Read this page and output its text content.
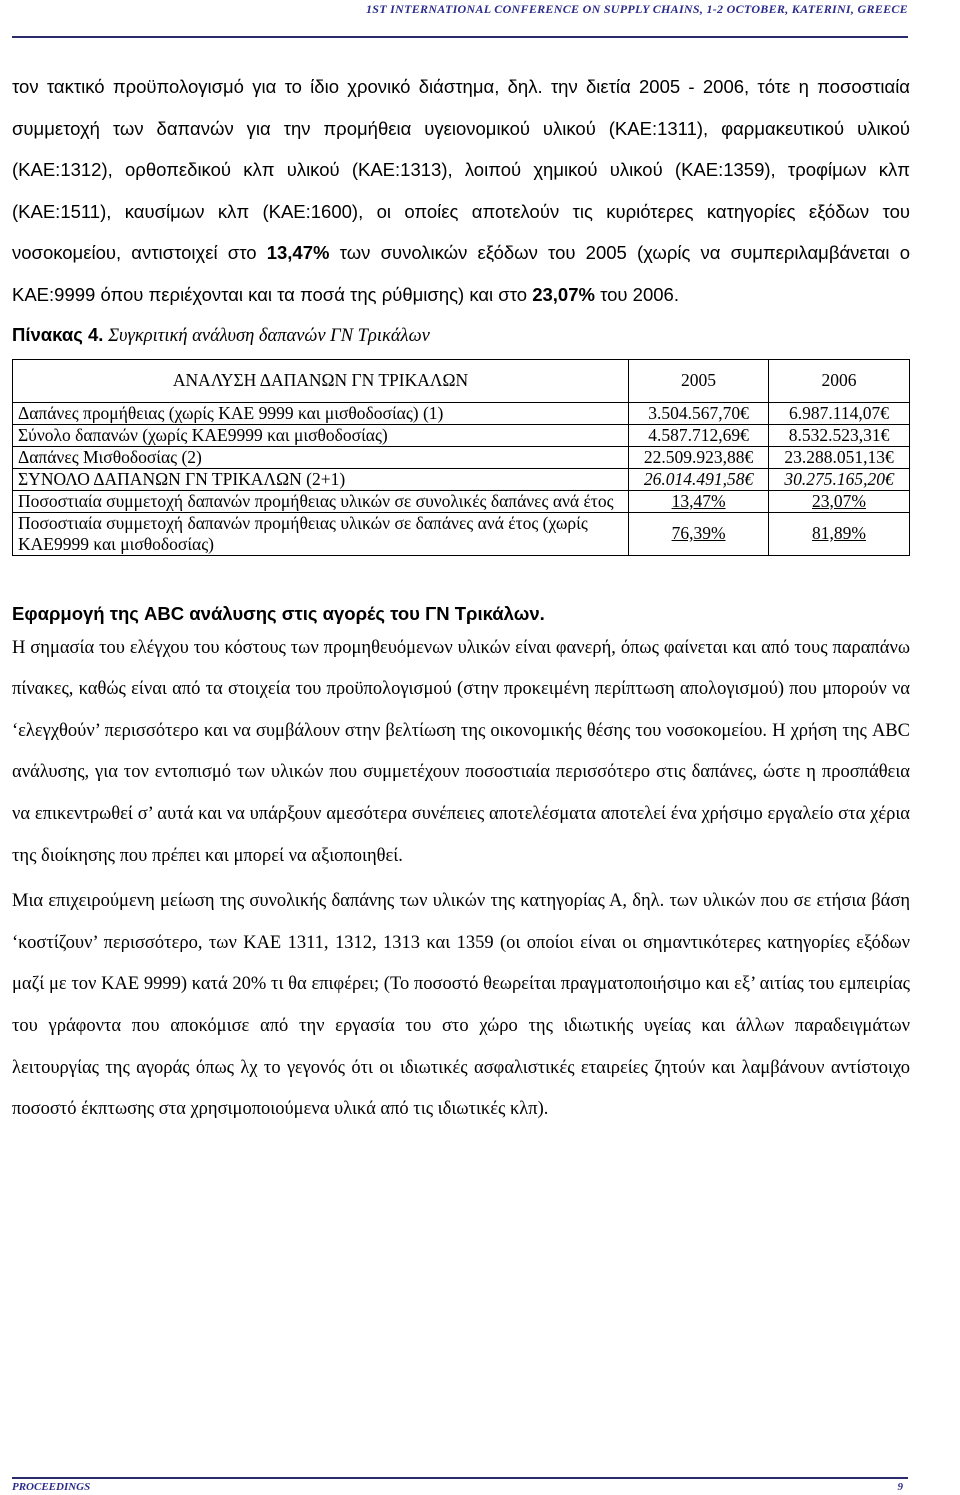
1ST INTERNATIONAL CONFERENCE ON SUPPLY CHAINS, 1-2 OCTOBER, KATERINI, GREECE

τον τακτικό προϋπολογισμό για το ίδιο χρονικό διάστημα, δηλ. την διετία 2005 - 2006, τότε η ποσοστιαία συμμετοχή των δαπανών για την προμήθεια υγειονομικού υλικού (ΚΑΕ:1311), φαρμακευτικού υλικού (ΚΑΕ:1312), ορθοπεδικού κλπ υλικού (ΚΑΕ:1313), λοιπού χημικού υλικού (ΚΑΕ:1359), τροφίμων κλπ (ΚΑΕ:1511), καυσίμων κλπ (ΚΑΕ:1600), οι οποίες αποτελούν τις κυριότερες κατηγορίες εξόδων του νοσοκομείου, αντιστοιχεί στο 13,47% των συνολικών εξόδων του 2005 (χωρίς να συμπεριλαμβάνεται ο ΚΑΕ:9999 όπου περιέχονται και τα ποσά της ρύθμισης) και στο 23,07% του 2006.

Πίνακας 4. Συγκριτική ανάλυση δαπανών ΓΝ Τρικάλων

ΑΝΑΛΥΣΗ ΔΑΠΑΝΩΝ ΓΝ ΤΡΙΚΑΛΩΝ	2005	2006
Δαπάνες προμήθειας (χωρίς ΚΑΕ 9999 και μισθοδοσίας) (1)	3.504.567,70€	6.987.114,07€
Σύνολο δαπανών (χωρίς ΚΑΕ9999 και μισθοδοσίας)	4.587.712,69€	8.532.523,31€
Δαπάνες Μισθοδοσίας (2)	22.509.923,88€	23.288.051,13€
ΣΥΝΟΛΟ ΔΑΠΑΝΩΝ ΓΝ ΤΡΙΚΑΛΩΝ (2+1)	26.014.491,58€	30.275.165,20€
Ποσοστιαία συμμετοχή δαπανών προμήθειας υλικών σε συνολικές δαπάνες ανά έτος	13,47%	23,07%
Ποσοστιαία συμμετοχή δαπανών προμήθειας υλικών σε δαπάνες ανά έτος (χωρίς ΚΑΕ9999 και μισθοδοσίας)	76,39%	81,89%

Εφαρμογή της ABC ανάλυσης στις αγορές του ΓΝ Τρικάλων.

Η σημασία του ελέγχου του κόστους των προμηθευόμενων υλικών είναι φανερή, όπως φαίνεται και από τους παραπάνω πίνακες, καθώς είναι από τα στοιχεία του προϋπολογισμού (στην προκειμένη περίπτωση απολογισμού) που μπορούν να ‘ελεγχθούν’ περισσότερο και να συμβάλουν στην βελτίωση της οικονομικής θέσης του νοσοκομείου. Η χρήση της ABC ανάλυσης, για τον εντοπισμό των υλικών που συμμετέχουν ποσοστιαία περισσότερο στις δαπάνες, ώστε η προσπάθεια να επικεντρωθεί σ’ αυτά και να υπάρξουν αμεσότερα συνέπειες αποτελέσματα αποτελεί ένα χρήσιμο εργαλείο στα χέρια της διοίκησης που πρέπει και μπορεί να αξιοποιηθεί.

Μια επιχειρούμενη μείωση της συνολικής δαπάνης των υλικών της κατηγορίας Α, δηλ. των υλικών που σε ετήσια βάση ‘κοστίζουν’ περισσότερο, των ΚΑΕ 1311, 1312, 1313 και 1359 (οι οποίοι είναι οι σημαντικότερες κατηγορίες εξόδων μαζί με τον ΚΑΕ 9999) κατά 20% τι θα επιφέρει; (Το ποσοστό θεωρείται πραγματοποιήσιμο και εξ’ αιτίας του εμπειρίας του γράφοντα που αποκόμισε από την εργασία του στο χώρο της ιδιωτικής υγείας και άλλων παραδειγμάτων λειτουργίας της αγοράς όπως λχ το γεγονός ότι οι ιδιωτικές ασφαλιστικές εταιρείες ζητούν και λαμβάνουν αντίστοιχο ποσοστό έκπτωσης στα χρησιμοποιούμενα υλικά από τις ιδιωτικές κλπ).

PROCEEDINGS	9
